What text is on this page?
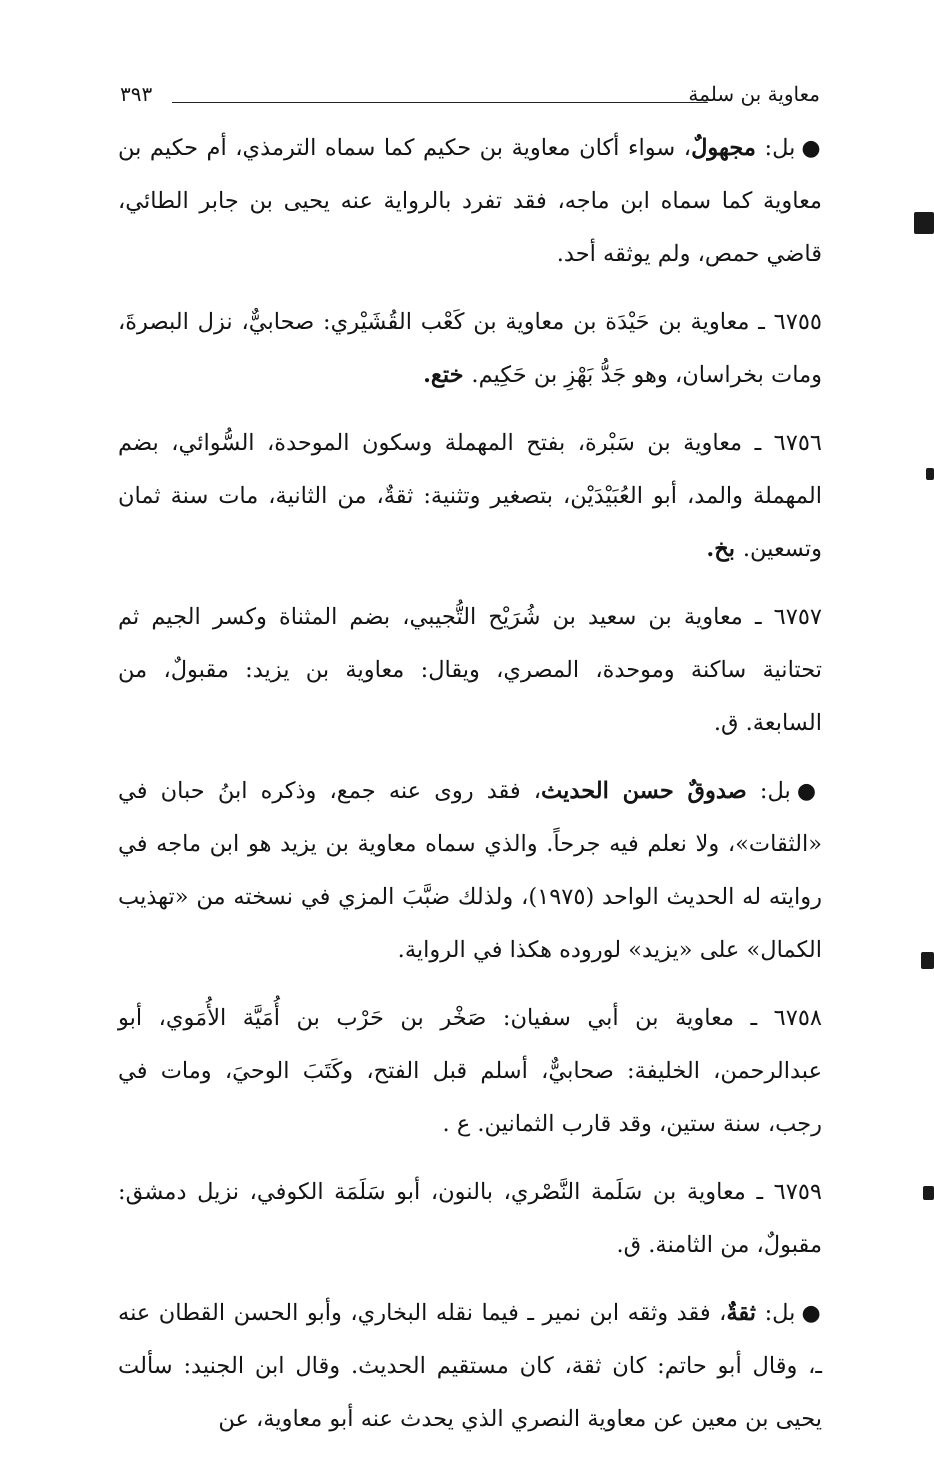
معاوية بن سلمة
٣٩٣

●بل: مجهولٌ، سواء أكان معاوية بن حكيم كما سماه الترمذي، أم حكيم بن معاوية كما سماه ابن ماجه، فقد تفرد بالرواية عنه يحيى بن جابر الطائي، قاضي حمص، ولم يوثقه أحد.

٦٧٥٥ ـ معاوية بن حَيْدَة بن معاوية بن كَعْب القُشَيْري: صحابيٌّ، نزل البصرةَ، ومات بخراسان، وهو جَدُّ بَهْزِ بن حَكِيم. ختع.

٦٧٥٦ ـ معاوية بن سَبْرة، بفتح المهملة وسكون الموحدة، السُّوائي، بضم المهملة والمد، أبو العُبَيْدَيْن، بتصغير وتثنية: ثقةٌ، من الثانية، مات سنة ثمان وتسعين. بخ.

٦٧٥٧ ـ معاوية بن سعيد بن شُرَيْح التُّجيبي، بضم المثناة وكسر الجيم ثم تحتانية ساكنة وموحدة، المصري، ويقال: معاوية بن يزيد: مقبولٌ، من السابعة. ق.

●بل: صدوقٌ حسن الحديث، فقد روى عنه جمع، وذكره ابنُ حبان في «الثقات»، ولا نعلم فيه جرحاً. والذي سماه معاوية بن يزيد هو ابن ماجه في روايته له الحديث الواحد (١٩٧٥)، ولذلك ضبَّبَ المزي في نسخته من «تهذيب الكمال» على «يزيد» لوروده هكذا في الرواية.

٦٧٥٨ ـ معاوية بن أبي سفيان: صَخْر بن حَرْب بن أُمَيَّة الأُمَوي، أبو عبدالرحمن، الخليفة: صحابيٌّ، أسلم قبل الفتح، وكَتَبَ الوحيَ، ومات في رجب، سنة ستين، وقد قارب الثمانين. ع .

٦٧٥٩ ـ معاوية بن سَلَمة النَّصْري، بالنون، أبو سَلَمَة الكوفي، نزيل دمشق: مقبولٌ، من الثامنة. ق.

●بل: ثقةٌ، فقد وثقه ابن نمير ـ فيما نقله البخاري، وأبو الحسن القطان عنه ـ، وقال أبو حاتم: كان ثقة، كان مستقيم الحديث. وقال ابن الجنيد: سألت يحيى بن معين عن معاوية النصري الذي يحدث عنه أبو معاوية، عن
